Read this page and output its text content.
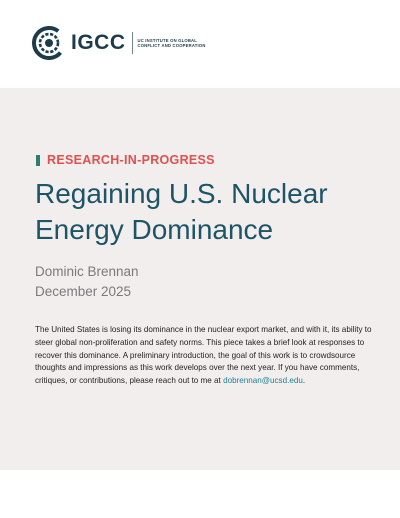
IGCC	UC INSTITUTE ON GLOBAL
CONFLICT AND COOPERATION
RESEARCH-IN-PROGRESS
Regaining U.S. Nuclear Energy Dominance
Dominic Brennan
December 2025
The United States is losing its dominance in the nuclear export market, and with it, its ability to steer global non-proliferation and safety norms. This piece takes a brief look at responses to recover this dominance. A preliminary introduction, the goal of this work is to crowdsource thoughts and impressions as this work develops over the next year. If you have comments, critiques, or contributions, please reach out to me at dobrennan@ucsd.edu.
